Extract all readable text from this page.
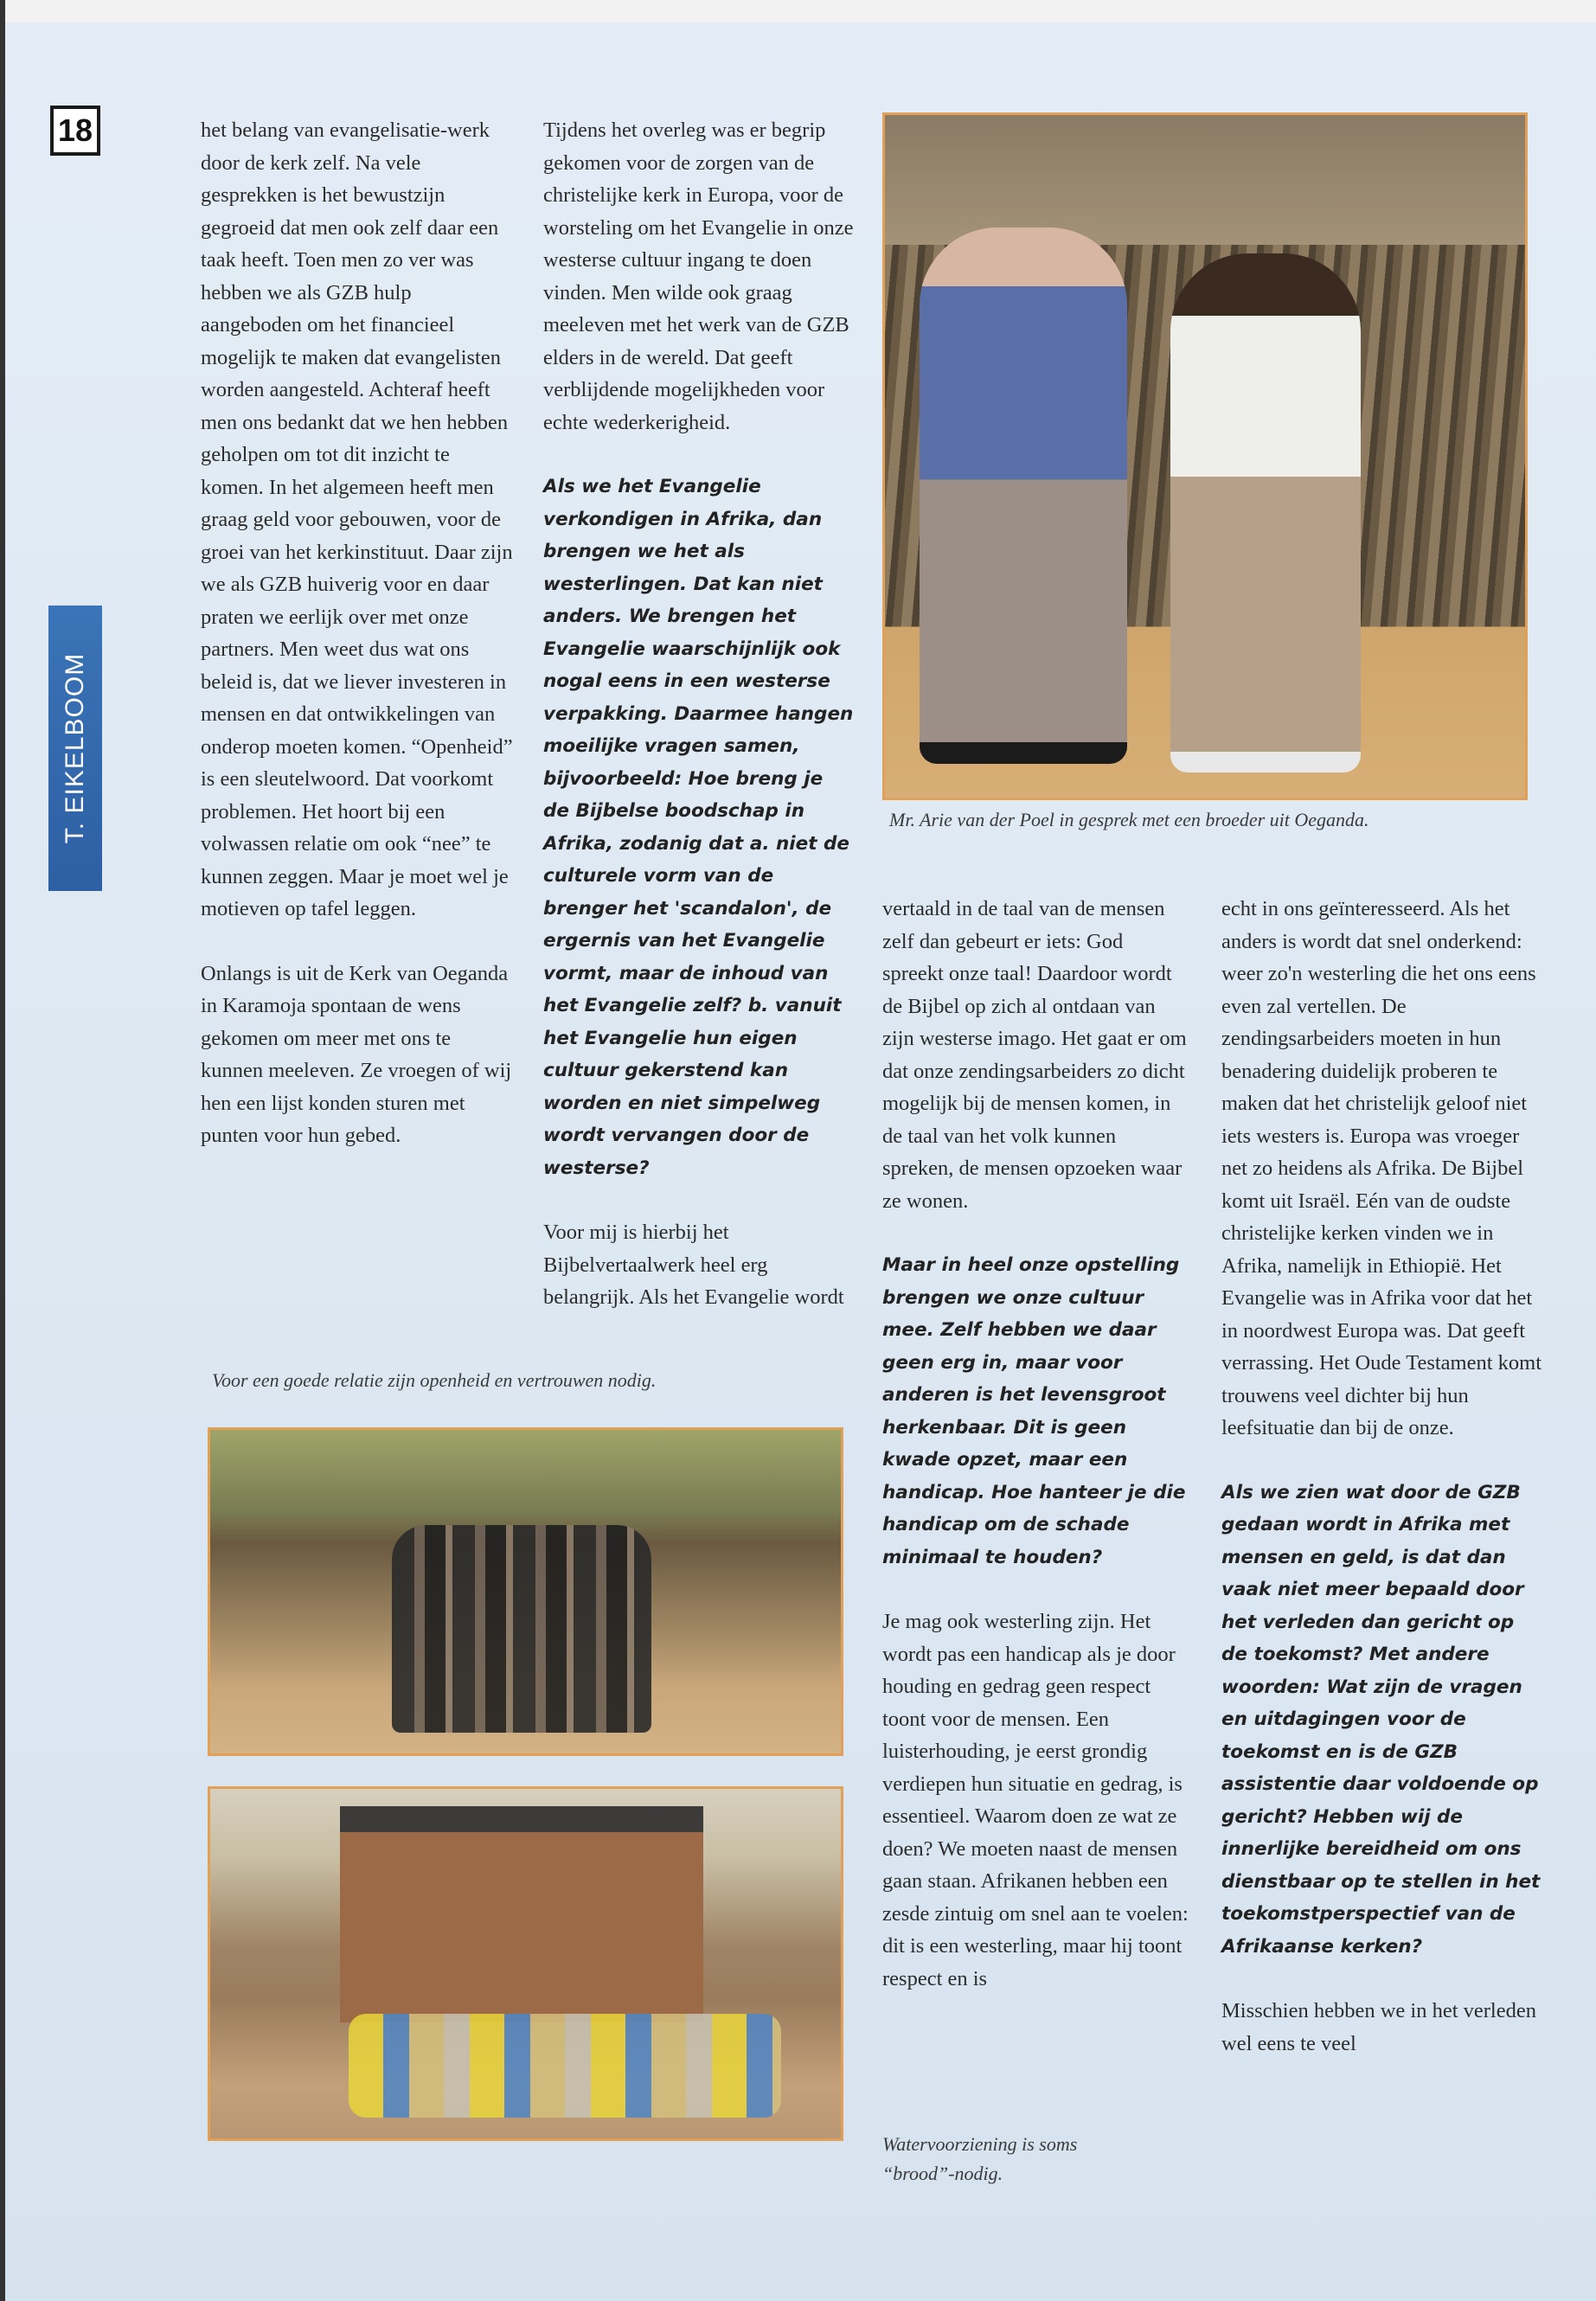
18
T. EIKELBOOM

het belang van evangelisatie-werk door de kerk zelf. Na vele gesprekken is het bewustzijn gegroeid dat men ook zelf daar een taak heeft. Toen men zo ver was hebben we als GZB hulp aangeboden om het financieel mogelijk te maken dat evangelisten worden aangesteld. Achteraf heeft men ons bedankt dat we hen hebben geholpen om tot dit inzicht te komen. In het algemeen heeft men graag geld voor gebouwen, voor de groei van het kerkinstituut. Daar zijn we als GZB huiverig voor en daar praten we eerlijk over met onze partners. Men weet dus wat ons beleid is, dat we liever investeren in mensen en dat ontwikkelingen van onderop moeten komen. “Openheid” is een sleutelwoord. Dat voorkomt problemen. Het hoort bij een volwassen relatie om ook “nee” te kunnen zeggen. Maar je moet wel je motieven op tafel leggen.

Onlangs is uit de Kerk van Oeganda in Karamoja spontaan de wens gekomen om meer met ons te kunnen meeleven. Ze vroegen of wij hen een lijst konden sturen met punten voor hun gebed.

Tijdens het overleg was er begrip gekomen voor de zorgen van de christelijke kerk in Europa, voor de worsteling om het Evangelie in onze westerse cultuur ingang te doen vinden. Men wilde ook graag meeleven met het werk van de GZB elders in de wereld. Dat geeft verblijdende mogelijkheden voor echte wederkerigheid.

Als we het Evangelie verkondigen in Afrika, dan brengen we het als westerlingen. Dat kan niet anders. We brengen het Evangelie waarschijnlijk ook nogal eens in een westerse verpakking. Daarmee hangen moeilijke vragen samen, bijvoorbeeld: Hoe breng je de Bijbelse boodschap in Afrika, zodanig dat a. niet de culturele vorm van de brenger het 'scandalon', de ergernis van het Evangelie vormt, maar de inhoud van het Evangelie zelf? b. vanuit het Evangelie hun eigen cultuur gekerstend kan worden en niet simpelweg wordt vervangen door de westerse?

Voor mij is hierbij het Bijbelvertaalwerk heel erg belangrijk. Als het Evangelie wordt

Mr. Arie van der Poel in gesprek met een broeder uit Oeganda.

vertaald in de taal van de mensen zelf dan gebeurt er iets: God spreekt onze taal! Daardoor wordt de Bijbel op zich al ontdaan van zijn westerse imago. Het gaat er om dat onze zendingsarbeiders zo dicht mogelijk bij de mensen komen, in de taal van het volk kunnen spreken, de mensen opzoeken waar ze wonen.

Maar in heel onze opstelling brengen we onze cultuur mee. Zelf hebben we daar geen erg in, maar voor anderen is het levensgroot herkenbaar. Dit is geen kwade opzet, maar een handicap. Hoe hanteer je die handicap om de schade minimaal te houden?

Je mag ook westerling zijn. Het wordt pas een handicap als je door houding en gedrag geen respect toont voor de mensen. Een luisterhouding, je eerst grondig verdiepen hun situatie en gedrag, is essentieel. Waarom doen ze wat ze doen? We moeten naast de mensen gaan staan. Afrikanen hebben een zesde zintuig om snel aan te voelen: dit is een westerling, maar hij toont respect en is

echt in ons geïnteresseerd. Als het anders is wordt dat snel onderkend: weer zo'n westerling die het ons eens even zal vertellen. De zendingsarbeiders moeten in hun benadering duidelijk proberen te maken dat het christelijk geloof niet iets westers is. Europa was vroeger net zo heidens als Afrika. De Bijbel komt uit Israël. Eén van de oudste christelijke kerken vinden we in Afrika, namelijk in Ethiopië. Het Evangelie was in Afrika voor dat het in noordwest Europa was. Dat geeft verrassing. Het Oude Testament komt trouwens veel dichter bij hun leefsituatie dan bij de onze.

Als we zien wat door de GZB gedaan wordt in Afrika met mensen en geld, is dat dan vaak niet meer bepaald door het verleden dan gericht op de toekomst? Met andere woorden: Wat zijn de vragen en uitdagingen voor de toekomst en is de GZB assistentie daar voldoende op gericht? Hebben wij de innerlijke bereidheid om ons dienstbaar op te stellen in het toekomstperspectief van de Afrikaanse kerken?

Misschien hebben we in het verleden wel eens te veel

Voor een goede relatie zijn openheid en vertrouwen nodig.
Watervoorziening is soms “brood”-nodig.
